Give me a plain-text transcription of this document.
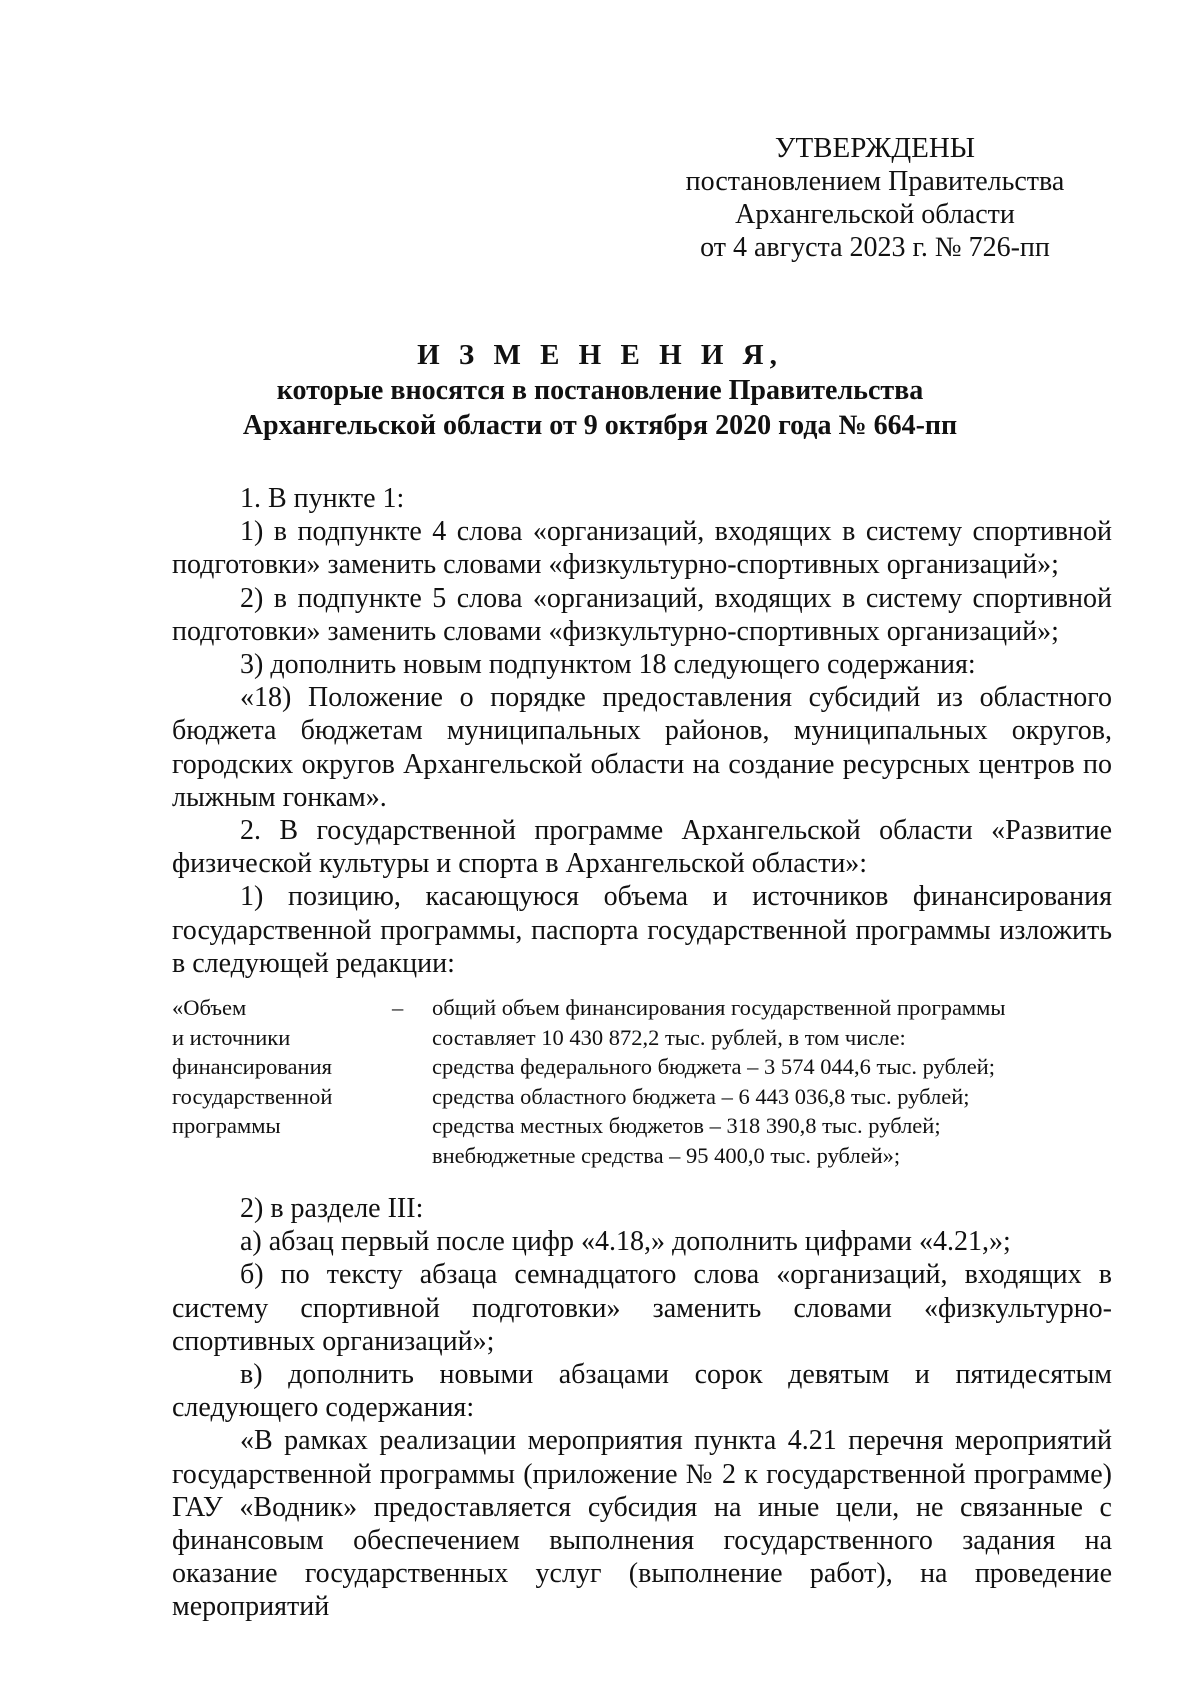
УТВЕРЖДЕНЫ
постановлением Правительства
Архангельской области
от 4 августа 2023 г. № 726-пп
И З М Е Н Е Н И Я,
которые вносятся в постановление Правительства
Архангельской области от 9 октября 2020 года № 664-пп

1. В пункте 1:

1) в подпункте 4 слова «организаций, входящих в систему спортивной подготовки» заменить словами «физкультурно-спортивных организаций»;

2) в подпункте 5 слова «организаций, входящих в систему спортивной подготовки» заменить словами «физкультурно-спортивных организаций»;

3) дополнить новым подпунктом 18 следующего содержания:

«18) Положение о порядке предоставления субсидий из областного бюджета бюджетам муниципальных районов, муниципальных округов, городских округов Архангельской области на создание ресурсных центров по лыжным гонкам».

2. В государственной программе Архангельской области «Развитие физической культуры и спорта в Архангельской области»:

1) позицию, касающуюся объема и источников финансирования государственной программы, паспорта государственной программы изложить в следующей редакции:

«Объем
и источники
финансирования
государственной
программы
– общий объем финансирования государственной программы
составляет 10 430 872,2 тыс. рублей, в том числе:
средства федерального бюджета – 3 574 044,6 тыс. рублей;
средства областного бюджета – 6 443 036,8 тыс. рублей;
средства местных бюджетов – 318 390,8 тыс. рублей;
внебюджетные средства – 95 400,0 тыс. рублей»;

2) в разделе III:

а) абзац первый после цифр «4.18,» дополнить цифрами «4.21,»;

б) по тексту абзаца семнадцатого слова «организаций, входящих в систему спортивной подготовки» заменить словами «физкультурно-спортивных организаций»;

в) дополнить новыми абзацами сорок девятым и пятидесятым следующего содержания:

«В рамках реализации мероприятия пункта 4.21 перечня мероприятий государственной программы (приложение № 2 к государственной программе) ГАУ «Водник» предоставляется субсидия на иные цели, не связанные с финансовым обеспечением выполнения государственного задания на оказание государственных услуг (выполнение работ), на проведение мероприятий
